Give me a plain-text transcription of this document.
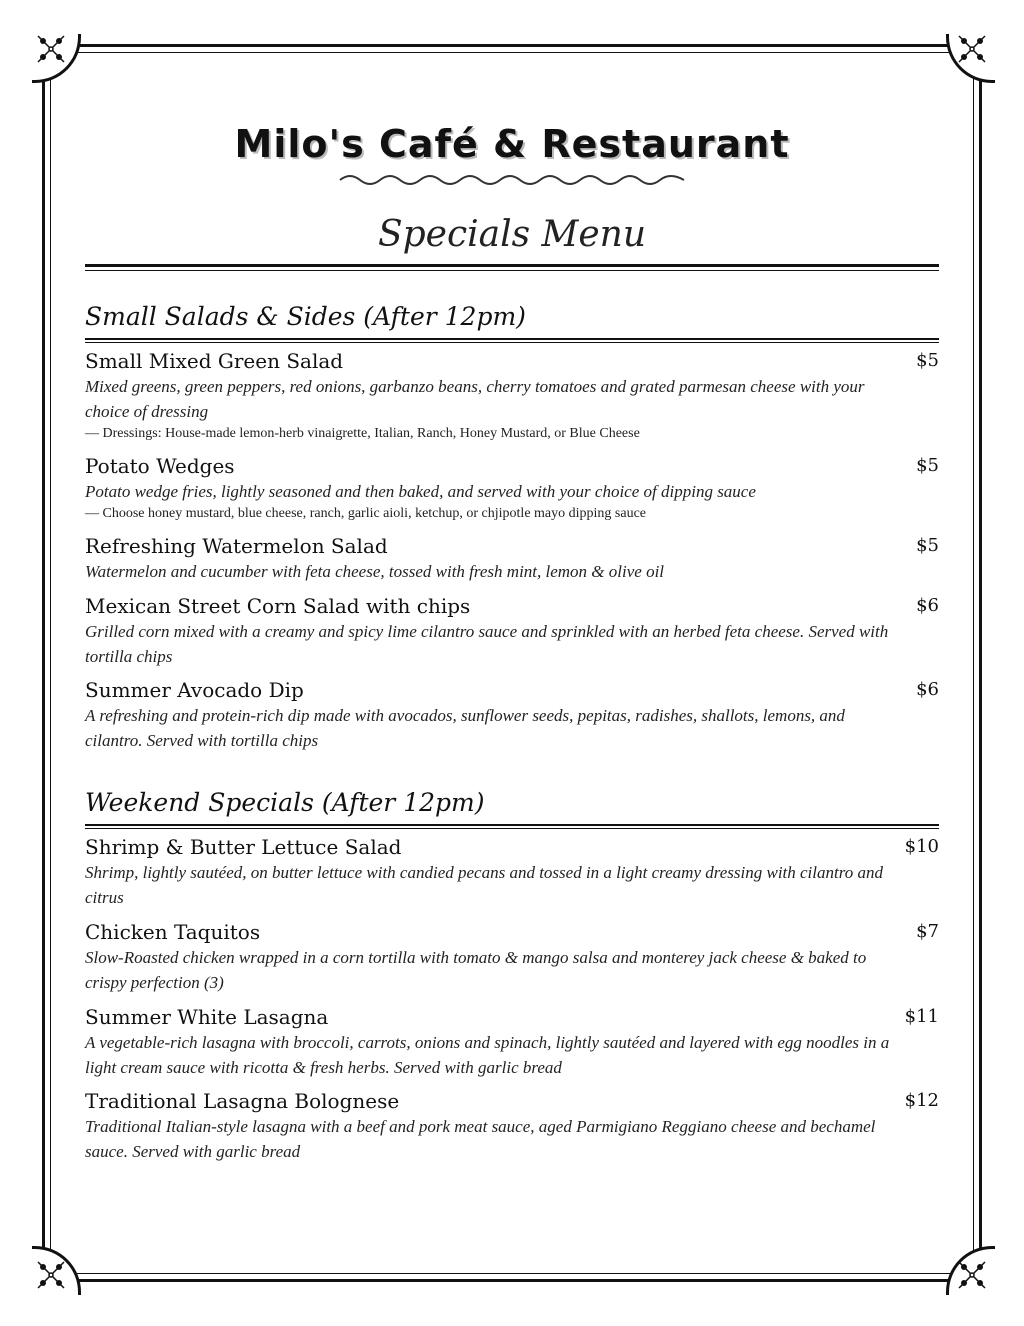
Milo's Café & Restaurant
Specials Menu
Small Salads & Sides (After 12pm)
Small Mixed Green Salad	$5
Mixed greens, green peppers, red onions, garbanzo beans, cherry tomatoes and grated parmesan cheese with your choice of dressing
— Dressings: House-made lemon-herb vinaigrette, Italian, Ranch, Honey Mustard, or Blue Cheese
Potato Wedges	$5
Potato wedge fries, lightly seasoned and then baked, and served with your choice of dipping sauce
— Choose honey mustard, blue cheese, ranch, garlic aioli, ketchup, or chjipotle mayo dipping sauce
Refreshing Watermelon Salad	$5
Watermelon and cucumber with feta cheese, tossed with fresh mint, lemon & olive oil
Mexican Street Corn Salad with chips	$6
Grilled corn mixed with a creamy and spicy lime cilantro sauce and sprinkled with an herbed feta cheese. Served with tortilla chips
Summer Avocado Dip	$6
A refreshing and protein-rich dip made with avocados, sunflower seeds, pepitas, radishes, shallots, lemons, and cilantro. Served with tortilla chips
Weekend Specials (After 12pm)
Shrimp & Butter Lettuce Salad	$10
Shrimp, lightly sautéed, on butter lettuce with candied pecans and tossed in a light creamy dressing with cilantro and citrus
Chicken Taquitos	$7
Slow-Roasted chicken wrapped in a corn tortilla with tomato & mango salsa and monterey jack cheese & baked to crispy perfection (3)
Summer White Lasagna	$11
A vegetable-rich lasagna with broccoli, carrots, onions and spinach, lightly sautéed and layered with egg noodles in a light cream sauce with ricotta & fresh herbs. Served with garlic bread
Traditional Lasagna Bolognese	$12
Traditional Italian-style lasagna with a beef and pork meat sauce, aged Parmigiano Reggiano cheese and bechamel sauce. Served with garlic bread
